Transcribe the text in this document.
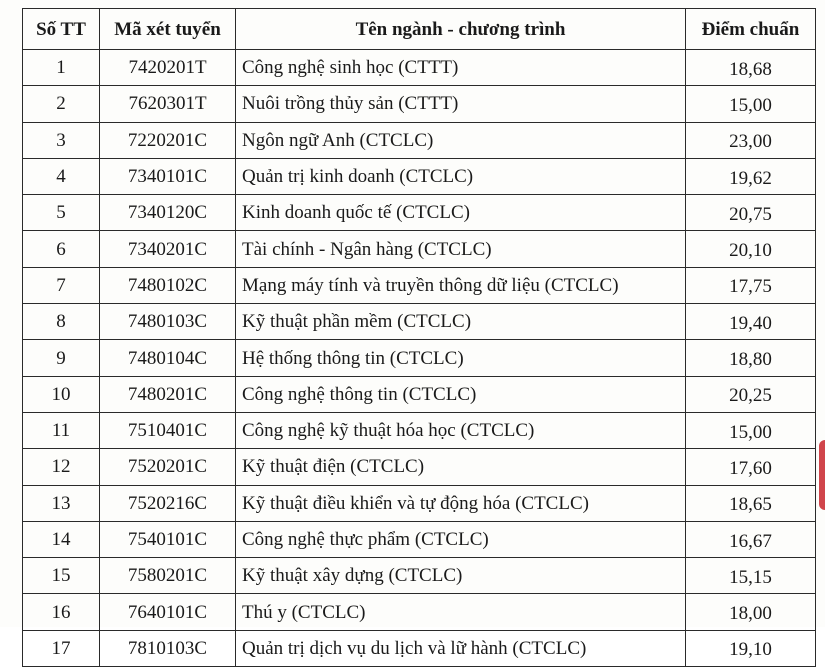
Số TT	Mã xét tuyển	Tên ngành - chương trình	Điểm chuẩn
1	7420201T	Công nghệ sinh học (CTTT)	18,68
2	7620301T	Nuôi trồng thủy sản (CTTT)	15,00
3	7220201C	Ngôn ngữ Anh (CTCLC)	23,00
4	7340101C	Quản trị kinh doanh (CTCLC)	19,62
5	7340120C	Kinh doanh quốc tế (CTCLC)	20,75
6	7340201C	Tài chính - Ngân hàng (CTCLC)	20,10
7	7480102C	Mạng máy tính và truyền thông dữ liệu (CTCLC)	17,75
8	7480103C	Kỹ thuật phần mềm (CTCLC)	19,40
9	7480104C	Hệ thống thông tin (CTCLC)	18,80
10	7480201C	Công nghệ thông tin (CTCLC)	20,25
11	7510401C	Công nghệ kỹ thuật hóa học (CTCLC)	15,00
12	7520201C	Kỹ thuật điện (CTCLC)	17,60
13	7520216C	Kỹ thuật điều khiển và tự động hóa (CTCLC)	18,65
14	7540101C	Công nghệ thực phẩm (CTCLC)	16,67
15	7580201C	Kỹ thuật xây dựng (CTCLC)	15,15
16	7640101C	Thú y (CTCLC)	18,00
17	7810103C	Quản trị dịch vụ du lịch và lữ hành (CTCLC)	19,10
